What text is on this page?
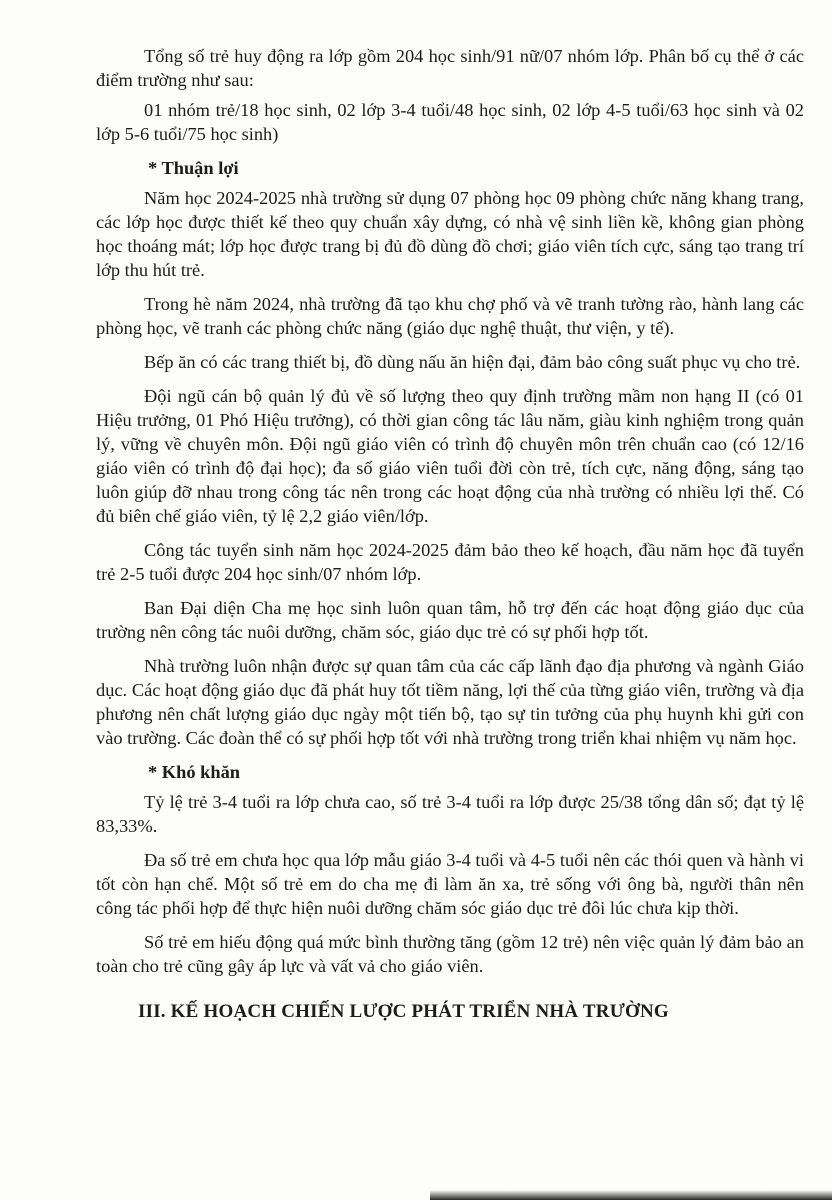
Tổng số trẻ huy động ra lớp gồm 204 học sinh/91 nữ/07 nhóm lớp. Phân bố cụ thể ở các điểm trường như sau:

01 nhóm trẻ/18 học sinh, 02 lớp 3-4 tuổi/48 học sinh, 02 lớp 4-5 tuổi/63 học sinh và 02 lớp 5-6 tuổi/75 học sinh)

* Thuận lợi

Năm học 2024-2025 nhà trường sử dụng 07 phòng học 09 phòng chức năng khang trang, các lớp học được thiết kế theo quy chuẩn xây dựng, có nhà vệ sinh liền kề, không gian phòng học thoáng mát; lớp học được trang bị đủ đồ dùng đồ chơi; giáo viên tích cực, sáng tạo trang trí lớp thu hút trẻ.

Trong hè năm 2024, nhà trường đã tạo khu chợ phố và vẽ tranh tường rào, hành lang các phòng học, vẽ tranh các phòng chức năng (giáo dục nghệ thuật, thư viện, y tế).

Bếp ăn có các trang thiết bị, đồ dùng nấu ăn hiện đại, đảm bảo công suất phục vụ cho trẻ.

Đội ngũ cán bộ quản lý đủ về số lượng theo quy định trường mầm non hạng II (có 01 Hiệu trưởng, 01 Phó Hiệu trưởng), có thời gian công tác lâu năm, giàu kinh nghiệm trong quản lý, vững về chuyên môn. Đội ngũ giáo viên có trình độ chuyên môn trên chuẩn cao (có 12/16 giáo viên có trình độ đại học); đa số giáo viên tuổi đời còn trẻ, tích cực, năng động, sáng tạo luôn giúp đỡ nhau trong công tác nên trong các hoạt động của nhà trường có nhiều lợi thế. Có đủ biên chế giáo viên, tỷ lệ 2,2 giáo viên/lớp.

Công tác tuyển sinh năm học 2024-2025 đảm bảo theo kế hoạch, đầu năm học đã tuyển trẻ 2-5 tuổi được 204 học sinh/07 nhóm lớp.

Ban Đại diện Cha mẹ học sinh luôn quan tâm, hỗ trợ đến các hoạt động giáo dục của trường nên công tác nuôi dưỡng, chăm sóc, giáo dục trẻ có sự phối hợp tốt.

Nhà trường luôn nhận được sự quan tâm của các cấp lãnh đạo địa phương và ngành Giáo dục. Các hoạt động giáo dục đã phát huy tốt tiềm năng, lợi thế của từng giáo viên, trường và địa phương nên chất lượng giáo dục ngày một tiến bộ, tạo sự tin tưởng của phụ huynh khi gửi con vào trường. Các đoàn thể có sự phối hợp tốt với nhà trường trong triển khai nhiệm vụ năm học.

* Khó khăn

Tỷ lệ trẻ 3-4 tuổi ra lớp chưa cao, số trẻ 3-4 tuổi ra lớp được 25/38 tổng dân số; đạt tỷ lệ 83,33%.

Đa số trẻ em chưa học qua lớp mẫu giáo 3-4 tuổi và 4-5 tuổi nên các thói quen và hành vi tốt còn hạn chế. Một số trẻ em do cha mẹ đi làm ăn xa, trẻ sống với ông bà, người thân nên công tác phối hợp để thực hiện nuôi dưỡng chăm sóc giáo dục trẻ đôi lúc chưa kịp thời.

Số trẻ em hiếu động quá mức bình thường tăng (gồm 12 trẻ) nên việc quản lý đảm bảo an toàn cho trẻ cũng gây áp lực và vất vả cho giáo viên.

III. KẾ HOẠCH CHIẾN LƯỢC PHÁT TRIỂN NHÀ TRƯỜNG
